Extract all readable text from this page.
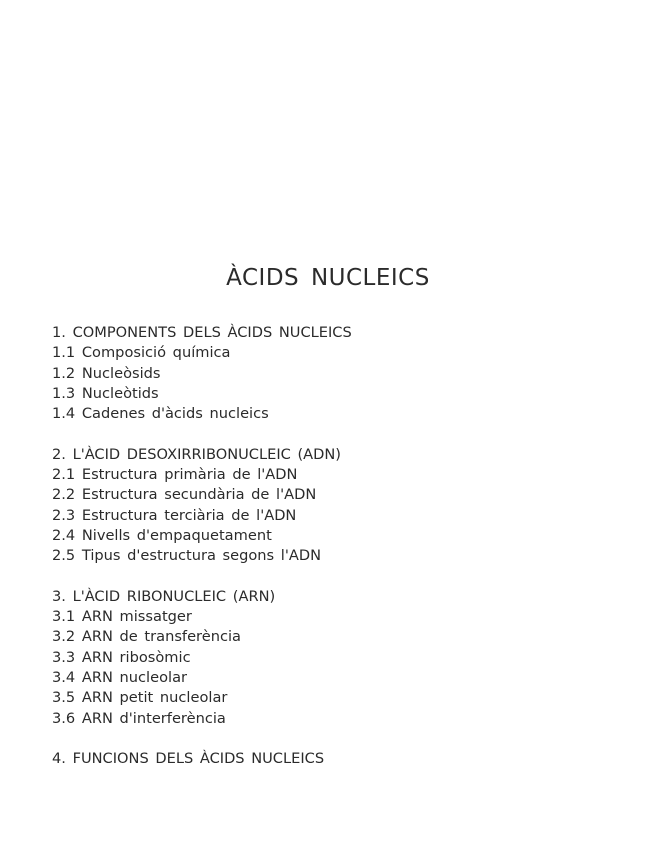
ÀCIDS NUCLEICS
1. COMPONENTS DELS ÀCIDS NUCLEICS
1.1 Composició química
1.2 Nucleòsids
1.3 Nucleòtids
1.4 Cadenes d'àcids nucleics
2. L'ÀCID DESOXIRRIBONUCLEIC (ADN)
2.1 Estructura primària de l'ADN
2.2 Estructura secundària de l'ADN
2.3 Estructura terciària de l'ADN
2.4 Nivells d'empaquetament
2.5 Tipus d'estructura segons l'ADN
3. L'ÀCID RIBONUCLEIC (ARN)
3.1 ARN missatger
3.2 ARN de transferència
3.3 ARN ribosòmic
3.4 ARN nucleolar
3.5 ARN petit nucleolar
3.6 ARN d'interferència
4. FUNCIONS DELS ÀCIDS NUCLEICS
